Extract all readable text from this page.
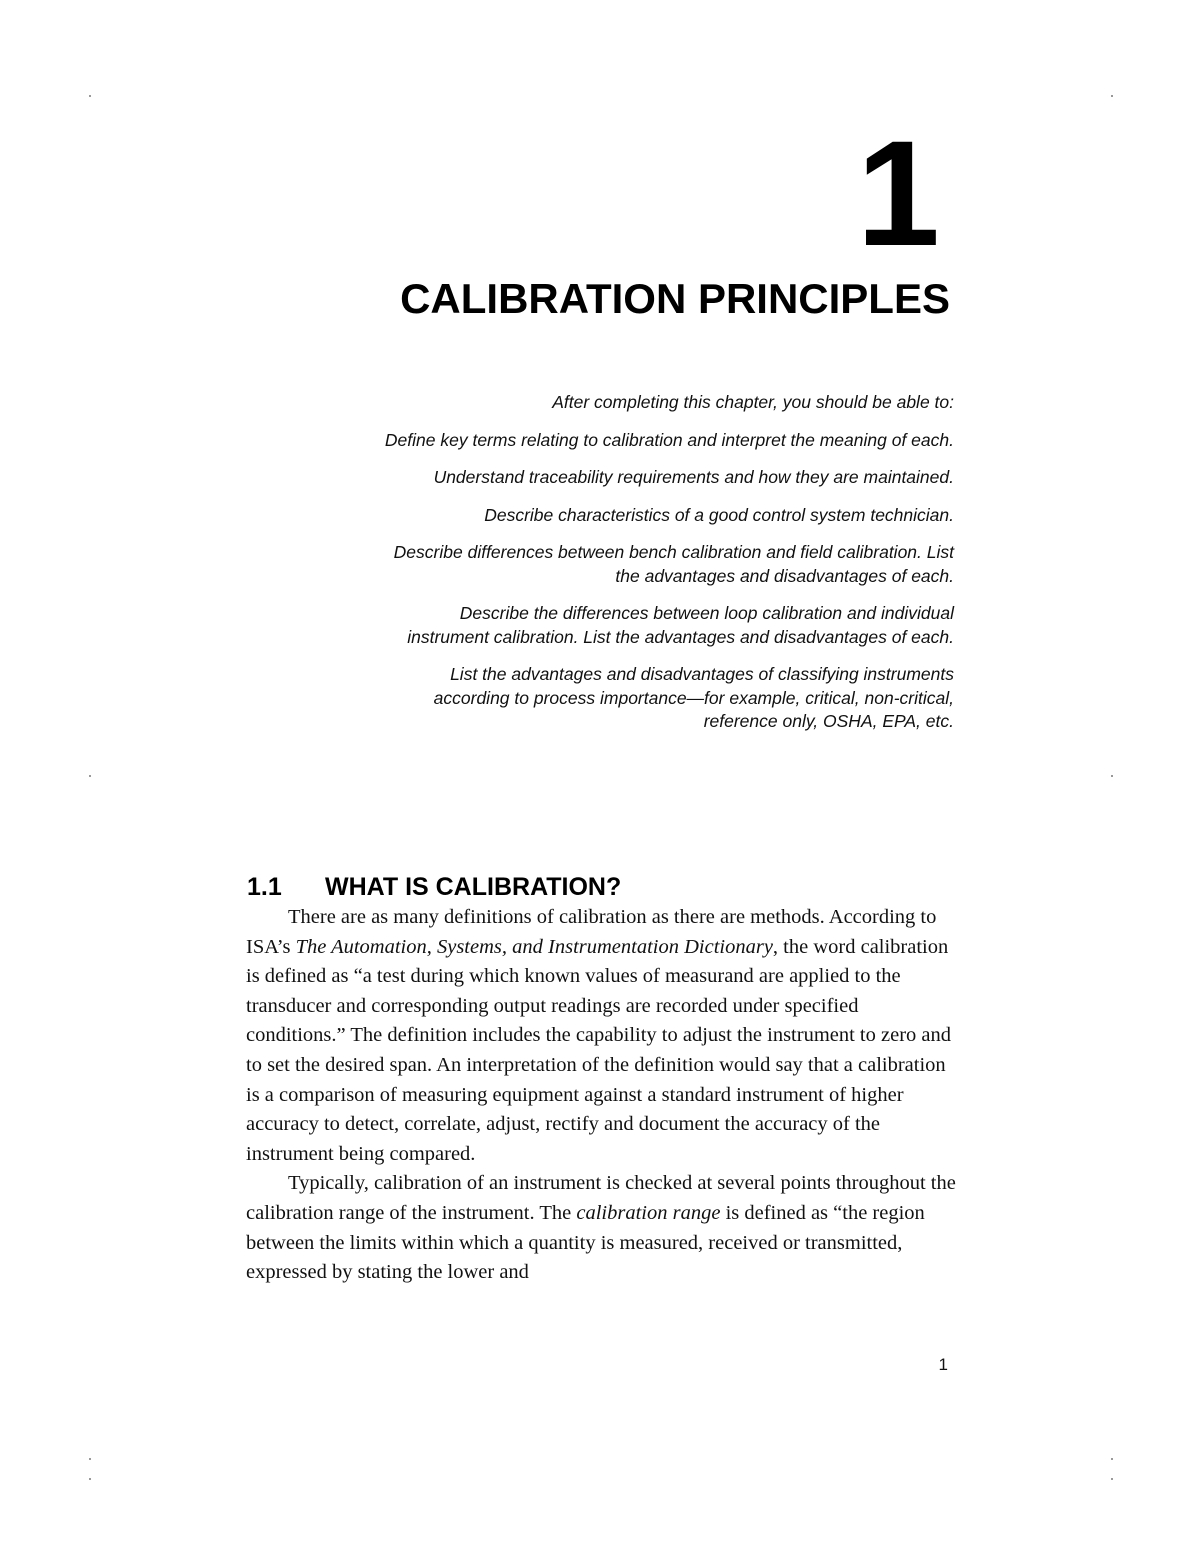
1
CALIBRATION PRINCIPLES

After completing this chapter, you should be able to:

Define key terms relating to calibration and interpret the meaning of each.

Understand traceability requirements and how they are maintained.

Describe characteristics of a good control system technician.

Describe differences between bench calibration and field calibration. List the advantages and disadvantages of each.

Describe the differences between loop calibration and individual instrument calibration. List the advantages and disadvantages of each.

List the advantages and disadvantages of classifying instruments according to process importance—for example, critical, non-critical, reference only, OSHA, EPA, etc.

1.1 WHAT IS CALIBRATION?

There are as many definitions of calibration as there are methods. According to ISA’s The Automation, Systems, and Instrumentation Dictionary, the word calibration is defined as “a test during which known values of measurand are applied to the transducer and corresponding output readings are recorded under specified conditions.” The definition includes the capability to adjust the instrument to zero and to set the desired span. An interpretation of the definition would say that a calibration is a comparison of measuring equipment against a standard instrument of higher accuracy to detect, correlate, adjust, rectify and document the accuracy of the instrument being compared.

Typically, calibration of an instrument is checked at several points throughout the calibration range of the instrument. The calibration range is defined as “the region between the limits within which a quantity is measured, received or transmitted, expressed by stating the lower and

1
